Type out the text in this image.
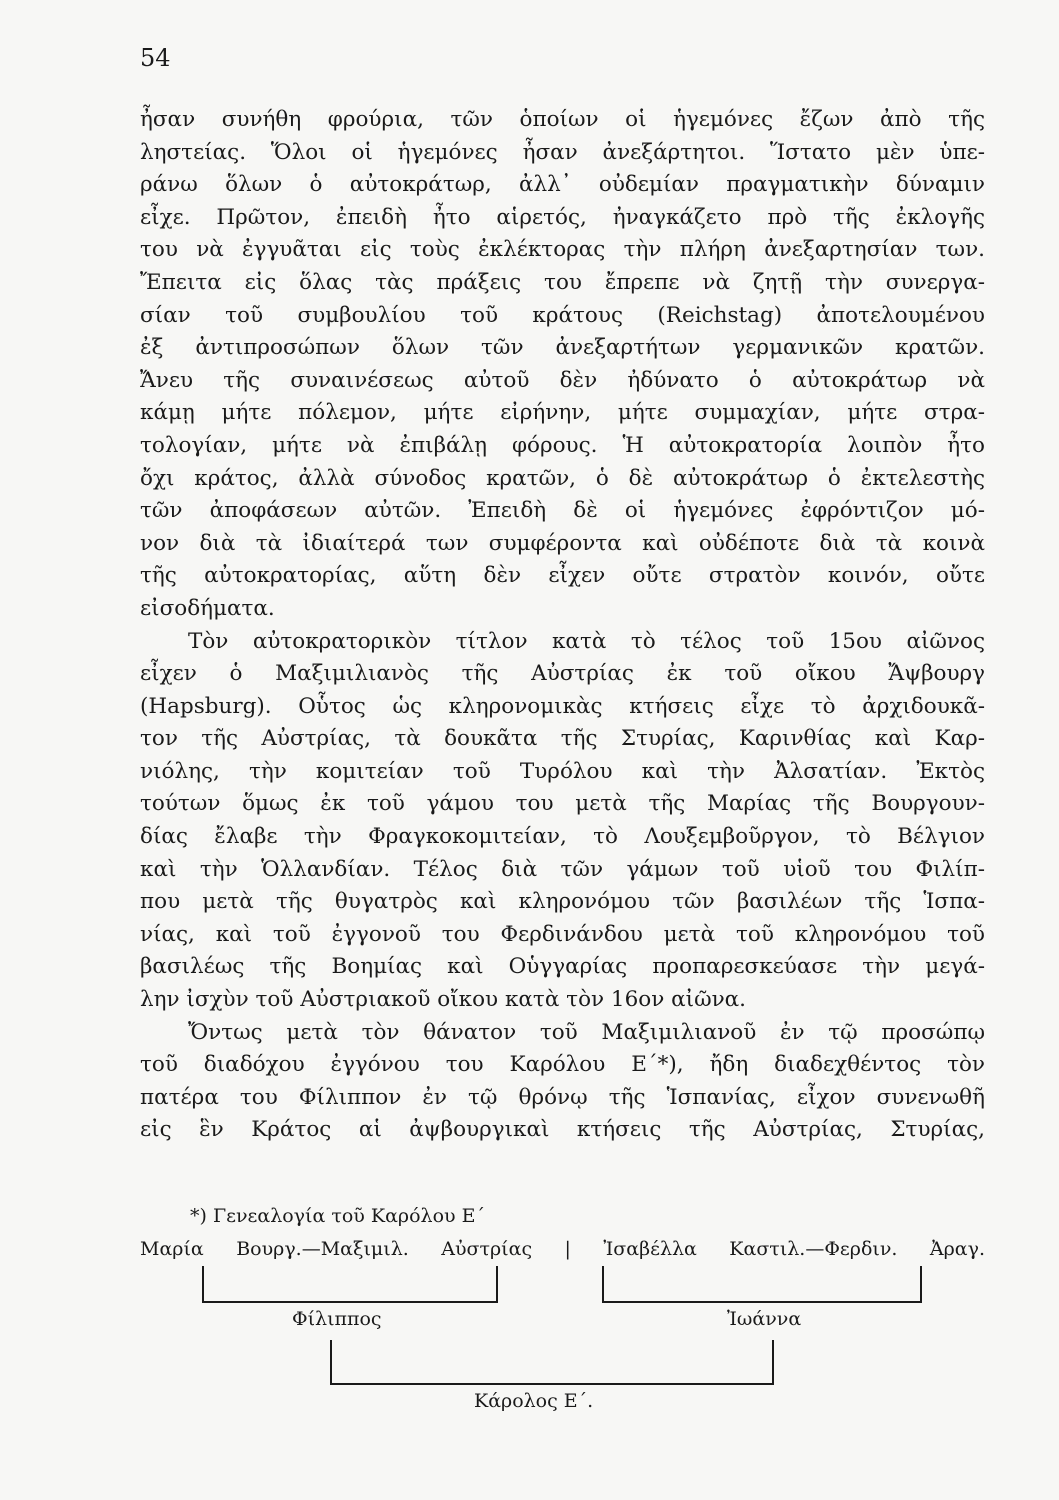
54
ἦσαν συνήθη φρούρια, τῶν ὁποίων οἱ ἡγεμόνες ἔζων ἀπὸ τῆς
ληστείας. Ὅλοι οἱ ἡγεμόνες ἦσαν ἀνεξάρτητοι. Ἵστατο μὲν ὑπε-
ράνω ὅλων ὁ αὐτοκράτωρ, ἀλλ᾽ οὐδεμίαν πραγματικὴν δύναμιν
εἶχε. Πρῶτον, ἐπειδὴ ἦτο αἱρετός, ἠναγκάζετο πρὸ τῆς ἐκλογῆς
του νὰ ἐγγυᾶται εἰς τοὺς ἐκλέκτορας τὴν πλήρη ἀνεξαρτησίαν των.
Ἔπειτα εἰς ὅλας τὰς πράξεις του ἔπρεπε νὰ ζητῇ τὴν συνεργα-
σίαν τοῦ συμβουλίου τοῦ κράτους (Reichstag) ἀποτελουμένου
ἐξ ἀντιπροσώπων ὅλων τῶν ἀνεξαρτήτων γερμανικῶν κρατῶν.
Ἄνευ τῆς συναινέσεως αὐτοῦ δὲν ἠδύνατο ὁ αὐτοκράτωρ νὰ
κάμῃ μήτε πόλεμον, μήτε εἰρήνην, μήτε συμμαχίαν, μήτε στρα-
τολογίαν, μήτε νὰ ἐπιβάλῃ φόρους. Ἡ αὐτοκρατορία λοιπὸν ἦτο
ὄχι κράτος, ἀλλὰ σύνοδος κρατῶν, ὁ δὲ αὐτοκράτωρ ὁ ἐκτελεστὴς
τῶν ἀποφάσεων αὐτῶν. Ἐπειδὴ δὲ οἱ ἡγεμόνες ἐφρόντιζον μό-
νον διὰ τὰ ἰδιαίτερά των συμφέροντα καὶ οὐδέποτε διὰ τὰ κοινὰ
τῆς αὐτοκρατορίας, αὕτη δὲν εἶχεν οὔτε στρατὸν κοινόν, οὔτε
εἰσοδήματα.
Τὸν αὐτοκρατορικὸν τίτλον κατὰ τὸ τέλος τοῦ 15ου αἰῶνος
εἶχεν ὁ Μαξιμιλιανὸς τῆς Αὐστρίας ἐκ τοῦ οἴκου Ἄψβουργ
(Hapsburg). Οὗτος ὡς κληρονομικὰς κτήσεις εἶχε τὸ ἀρχιδουκᾶ-
τον τῆς Αὐστρίας, τὰ δουκᾶτα τῆς Στυρίας, Καρινθίας καὶ Καρ-
νιόλης, τὴν κομιτείαν τοῦ Τυρόλου καὶ τὴν Ἀλσατίαν. Ἐκτὸς
τούτων ὅμως ἐκ τοῦ γάμου του μετὰ τῆς Μαρίας τῆς Βουργουν-
δίας ἔλαβε τὴν Φραγκοκομιτείαν, τὸ Λουξεμβοῦργον, τὸ Βέλγιον
καὶ τὴν Ὁλλανδίαν. Τέλος διὰ τῶν γάμων τοῦ υἱοῦ του Φιλίπ-
που μετὰ τῆς θυγατρὸς καὶ κληρονόμου τῶν βασιλέων τῆς Ἱσπα-
νίας, καὶ τοῦ ἐγγονοῦ του Φερδινάνδου μετὰ τοῦ κληρονόμου τοῦ
βασιλέως τῆς Βοημίας καὶ Οὑγγαρίας προπαρεσκεύασε τὴν μεγά-
λην ἰσχὺν τοῦ Αὐστριακοῦ οἴκου κατὰ τὸν 16ον αἰῶνα.
Ὄντως μετὰ τὸν θάνατον τοῦ Μαξιμιλιανοῦ ἐν τῷ προσώπῳ
τοῦ διαδόχου ἐγγόνου του Καρόλου Ε΄*), ἤδη διαδεχθέντος τὸν
πατέρα του Φίλιππον ἐν τῷ θρόνῳ τῆς Ἱσπανίας, εἶχον συνενωθῆ
εἰς ἓν Κράτος αἱ ἀψβουργικαὶ κτήσεις τῆς Αὐστρίας, Στυρίας,
*) Γενεαλογία τοῦ Καρόλου Ε΄
Μαρία Βουργ.—Μαξιμιλ. Αὐστρίας | Ἰσαβέλλα Καστιλ.—Φερδιν. Ἀραγ.
Φίλιππος	Ἰωάννα
Κάρολος Ε΄.
